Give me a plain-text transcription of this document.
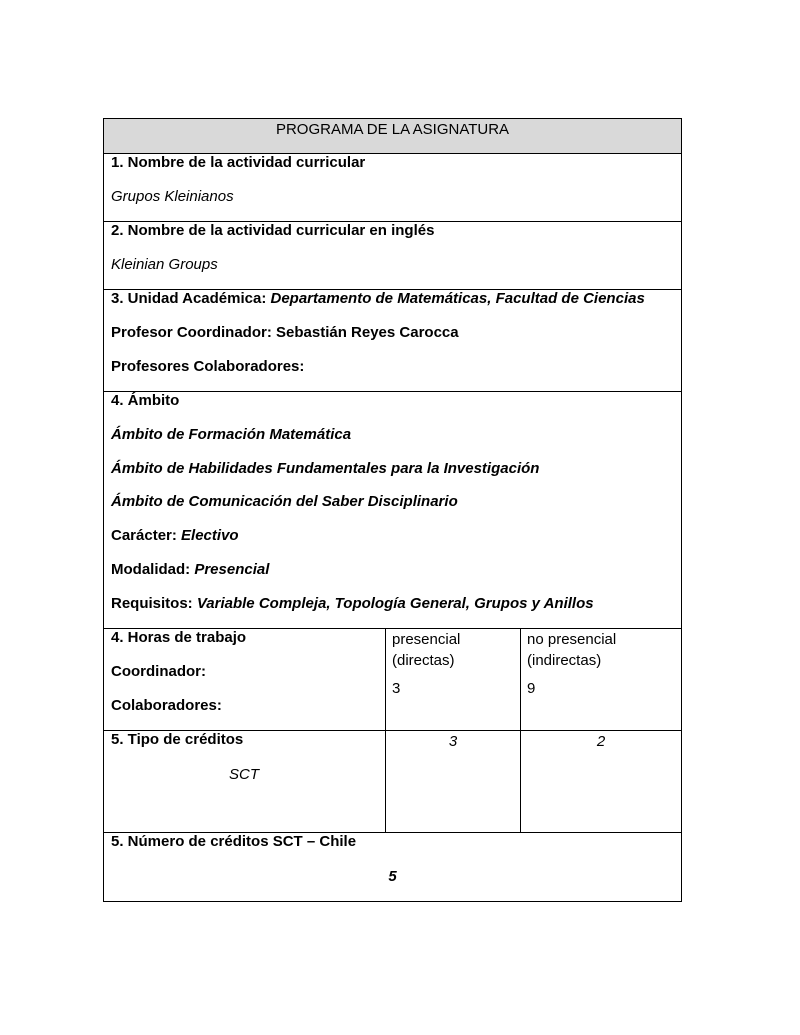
PROGRAMA DE LA ASIGNATURA
1. Nombre de la actividad curricular
Grupos Kleinianos
2. Nombre de la actividad curricular en inglés
Kleinian Groups
3. Unidad Académica: Departamento de Matemáticas, Facultad de Ciencias
Profesor Coordinador: Sebastián Reyes Carocca
Profesores Colaboradores:
4. Ámbito
Ámbito de Formación Matemática
Ámbito de Habilidades Fundamentales para la Investigación
Ámbito de Comunicación del Saber Disciplinario
Carácter: Electivo
Modalidad: Presencial
Requisitos: Variable Compleja, Topología General, Grupos y Anillos
4. Horas de trabajo
Coordinador:
Colaboradores:
presencial
(directas)
3
no presencial
(indirectas)
9
5. Tipo de créditos
SCT
3	2
5. Número de créditos SCT – Chile
5
